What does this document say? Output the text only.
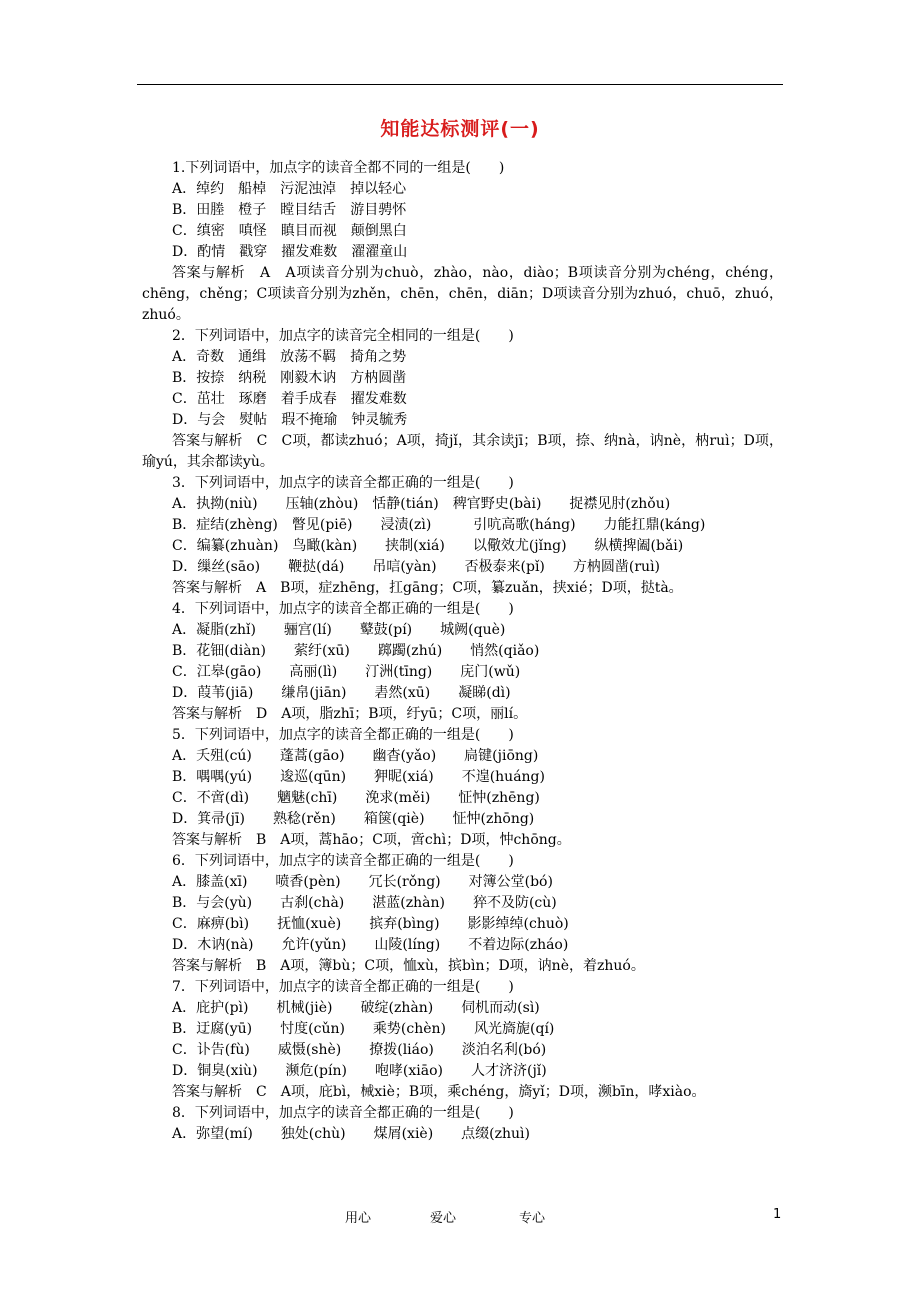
知能达标测评(一)

1.下列词语中，加点字的读音全都不同的一组是(　　)

A．绰约　船棹　污泥浊淖　掉以轻心

B．田塍　橙子　瞠目结舌　游目骋怀

C．缜密　嗔怪　瞋目而视　颠倒黑白

D．酌情　戳穿　擢发难数　濯濯童山

答案与解析　A　A项读音分别为chuò，zhào，nào，diào；B项读音分别为chéng，chéng，chēng，chěng；C项读音分别为zhěn，chēn，chēn，diān；D项读音分别为zhuó，chuō，zhuó，zhuó。

2．下列词语中，加点字的读音完全相同的一组是(　　)

A．奇数　通缉　放荡不羁　掎角之势

B．按捺　纳税　刚毅木讷　方枘圆凿

C．茁壮　琢磨　着手成春　擢发难数

D．与会　熨帖　瑕不掩瑜　钟灵毓秀

答案与解析　C　C项，都读zhuó；A项，掎jǐ，其余读jī；B项，捺、纳nà，讷nè，枘ruì；D项，瑜yú，其余都读yù。

3．下列词语中，加点字的读音全都正确的一组是(　　)

A．执拗(niù)　　压轴(zhòu)　恬静(tián)　稗官野史(bài)　　捉襟见肘(zhǒu)

B．症结(zhèng)　瞥见(piē)　　浸渍(zì)　　　引吭高歌(háng)　　力能扛鼎(káng)

C．编纂(zhuàn)　鸟瞰(kàn)　　挟制(xiá)　　以儆效尤(jǐng)　　纵横捭阖(bǎi)

D．缫丝(sāo)　　鞭挞(dá)　　吊唁(yàn)　　否极泰来(pǐ)　　方枘圆凿(ruì)

答案与解析　A　B项，症zhēng，扛gāng；C项，纂zuǎn，挟xié；D项，挞tà。

4．下列词语中，加点字的读音全都正确的一组是(　　)

A．凝脂(zhǐ)　　骊宫(lí)　　鼙鼓(pí)　　城阙(què)

B．花钿(diàn)　　萦纡(xū)　　踯躅(zhú)　　悄然(qiǎo)

C．江皋(gāo)　　高丽(lì)　　汀洲(tīng)　　庑门(wǔ)

D．葭苇(jiā)　　缣帛(jiān)　　砉然(xū)　　凝睇(dì)

答案与解析　D　A项，脂zhī；B项，纡yū；C项，丽lí。

5．下列词语中，加点字的读音全都正确的一组是(　　)

A．夭殂(cú)　　蓬蒿(gāo)　　幽杳(yǎo)　　扃键(jiōng)

B．喁喁(yú)　　逡巡(qūn)　　狎昵(xiá)　　不遑(huáng)

C．不啻(dì)　　魑魅(chī)　　浼求(měi)　　怔忡(zhēng)

D．箕帚(jī)　　熟稔(rěn)　　箱箧(qiè)　　怔忡(zhōng)

答案与解析　B　A项，蒿hāo；C项，啻chì；D项，忡chōng。

6．下列词语中，加点字的读音全都正确的一组是(　　)

A．膝盖(xī)　　喷香(pèn)　　冗长(rǒng)　　对簿公堂(bó)

B．与会(yù)　　古刹(chà)　　湛蓝(zhàn)　　猝不及防(cù)

C．麻痹(bì)　　抚恤(xuè)　　摈弃(bìng)　　影影绰绰(chuò)

D．木讷(nà)　　允许(yǔn)　　山陵(líng)　　不着边际(zháo)

答案与解析　B　A项，簿bù；C项，恤xù，摈bìn；D项，讷nè，着zhuó。

7．下列词语中，加点字的读音全都正确的一组是(　　)

A．庇护(pì)　　机械(jiè)　　破绽(zhàn)　　伺机而动(sì)

B．迂腐(yū)　　忖度(cǔn)　　乘势(chèn)　　风光旖旎(qí)

C．讣告(fù)　　威慑(shè)　　撩拨(liáo)　　淡泊名利(bó)

D．铜臭(xiù)　　濒危(pín)　　咆哮(xiāo)　　人才济济(jǐ)

答案与解析　C　A项，庇bì，械xiè；B项，乘chéng，旖yǐ；D项，濒bīn，哮xiào。

8．下列词语中，加点字的读音全都正确的一组是(　　)

A．弥望(mí)　　独处(chù)　　煤屑(xiè)　　点缀(zhuì)

用心	爱心	专心	1
